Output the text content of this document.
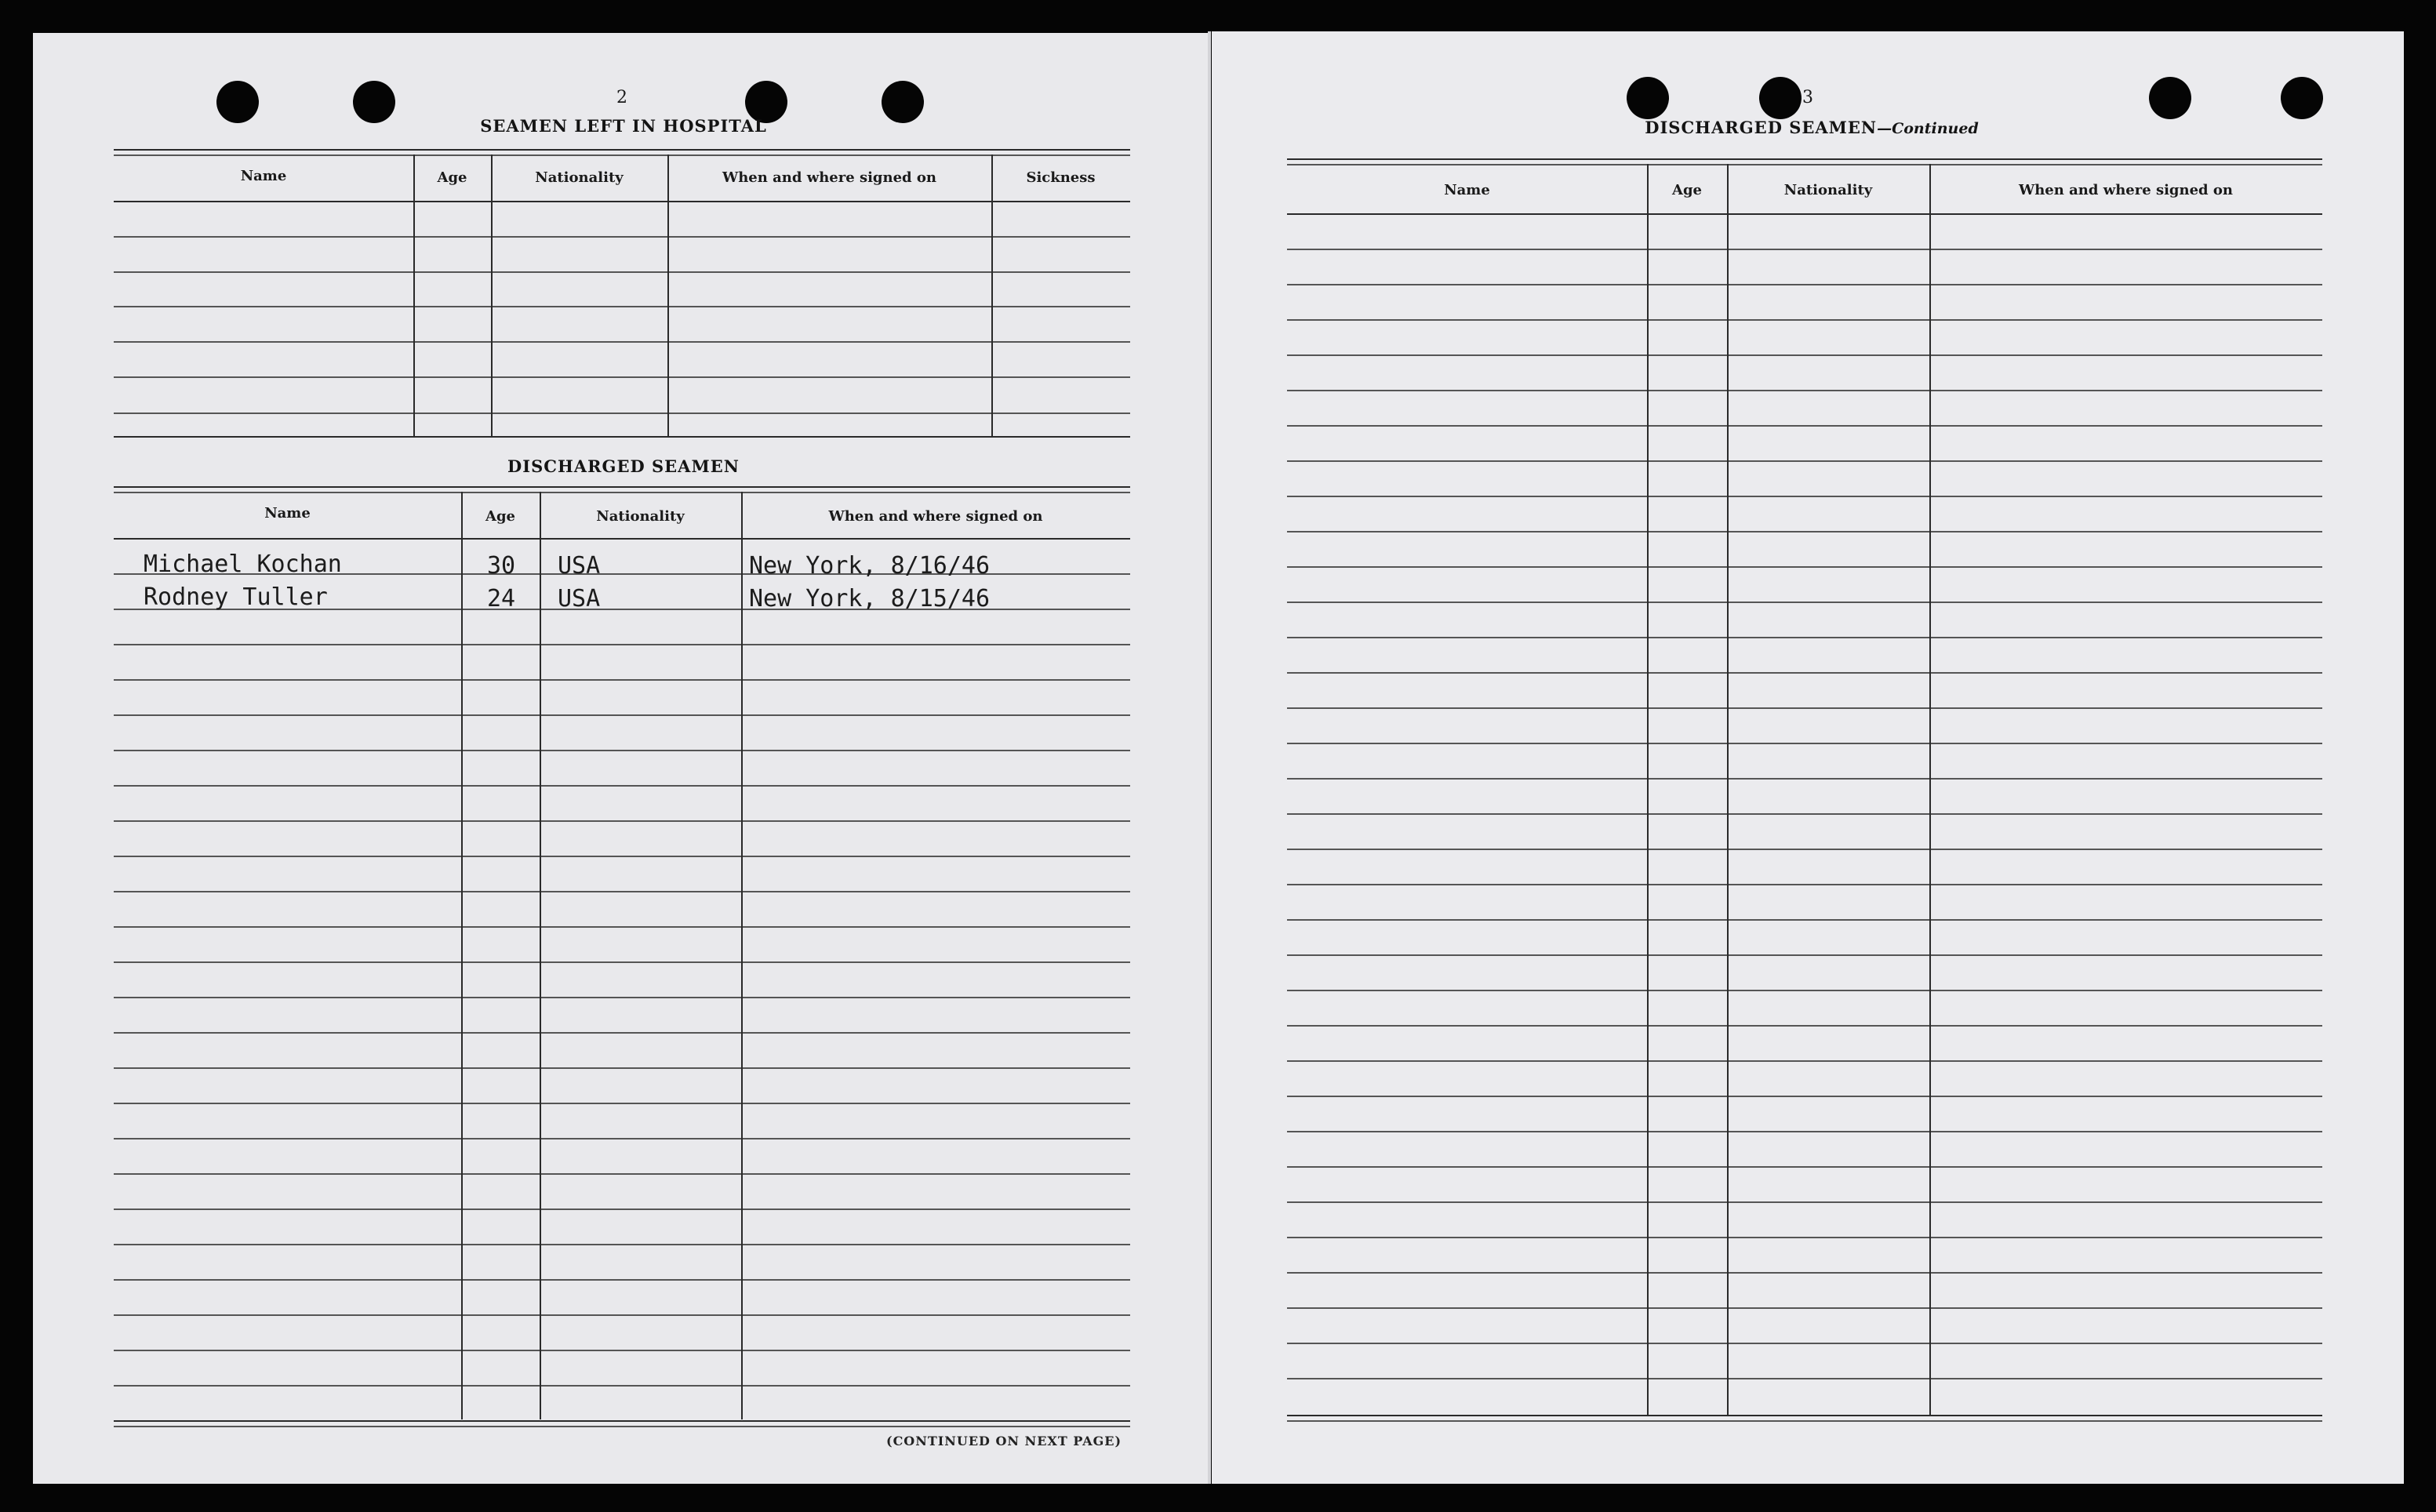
2
SEAMEN LEFT IN HOSPITAL
Name	Age	Nationality	When and where signed on	Sickness
DISCHARGED SEAMEN
Name	Age	Nationality	When and where signed on
Michael Kochan	30 USA	New York, 8/16/46
Rodney Tuller	24 USA	New York, 8/15/46
(CONTINUED ON NEXT PAGE)
3
DISCHARGED SEAMEN—Continued
Name	Age	Nationality	When and where signed on
